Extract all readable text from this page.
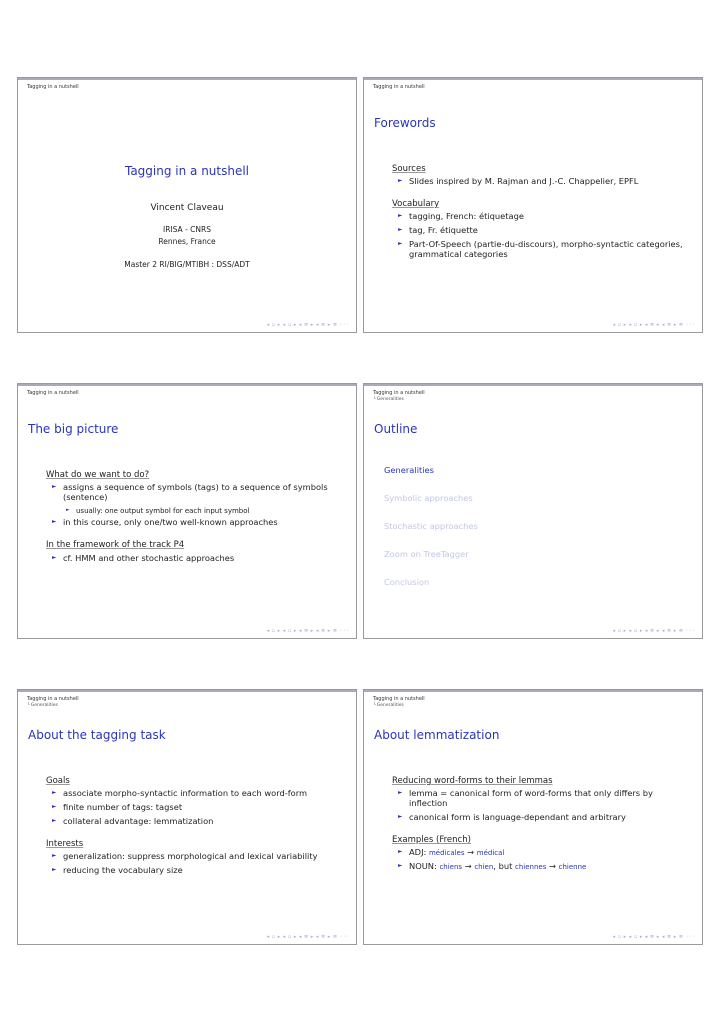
Tagging in a nutshell
Tagging in a nutshell
Vincent Claveau
IRISA - CNRS
Rennes, France
Master 2 RI/BIG/MTIBH : DSS/ADT
◂ ▫ ▸ ◂ ▫ ▸ ◂ ≣ ▸ ◂ ≣ ▸ ≣ ◦◦◦
Tagging in a nutshell
Forewords
Sources
► Slides inspired by M. Rajman and J.-C. Chappelier, EPFL
Vocabulary
► tagging, French: étiquetage
► tag, Fr. étiquette
► Part-Of-Speech (partie-du-discours), morpho-syntactic categories, grammatical categories
◂ ▫ ▸ ◂ ▫ ▸ ◂ ≣ ▸ ◂ ≣ ▸ ≣ ◦◦◦
Tagging in a nutshell
The big picture
What do we want to do?
► assigns a sequence of symbols (tags) to a sequence of symbols (sentence)
► usually: one output symbol for each input symbol
► in this course, only one/two well-known approaches
In the framework of the track P4
► cf. HMM and other stochastic approaches
◂ ▫ ▸ ◂ ▫ ▸ ◂ ≣ ▸ ◂ ≣ ▸ ≣ ◦◦◦
Tagging in a nutshell
└ Generalities
Outline
Generalities
Symbolic approaches
Stochastic approaches
Zoom on TreeTagger
Conclusion
◂ ▫ ▸ ◂ ▫ ▸ ◂ ≣ ▸ ◂ ≣ ▸ ≣ ◦◦◦
Tagging in a nutshell
└ Generalities
About the tagging task
Goals
► associate morpho-syntactic information to each word-form
► finite number of tags: tagset
► collateral advantage: lemmatization
Interests
► generalization: suppress morphological and lexical variability
► reducing the vocabulary size
◂ ▫ ▸ ◂ ▫ ▸ ◂ ≣ ▸ ◂ ≣ ▸ ≣ ◦◦◦
Tagging in a nutshell
└ Generalities
About lemmatization
Reducing word-forms to their lemmas
► lemma = canonical form of word-forms that only differs by inflection
► canonical form is language-dependant and arbitrary
Examples (French)
► ADJ: médicales → médical
► NOUN: chiens → chien, but chiennes → chienne
◂ ▫ ▸ ◂ ▫ ▸ ◂ ≣ ▸ ◂ ≣ ▸ ≣ ◦◦◦
